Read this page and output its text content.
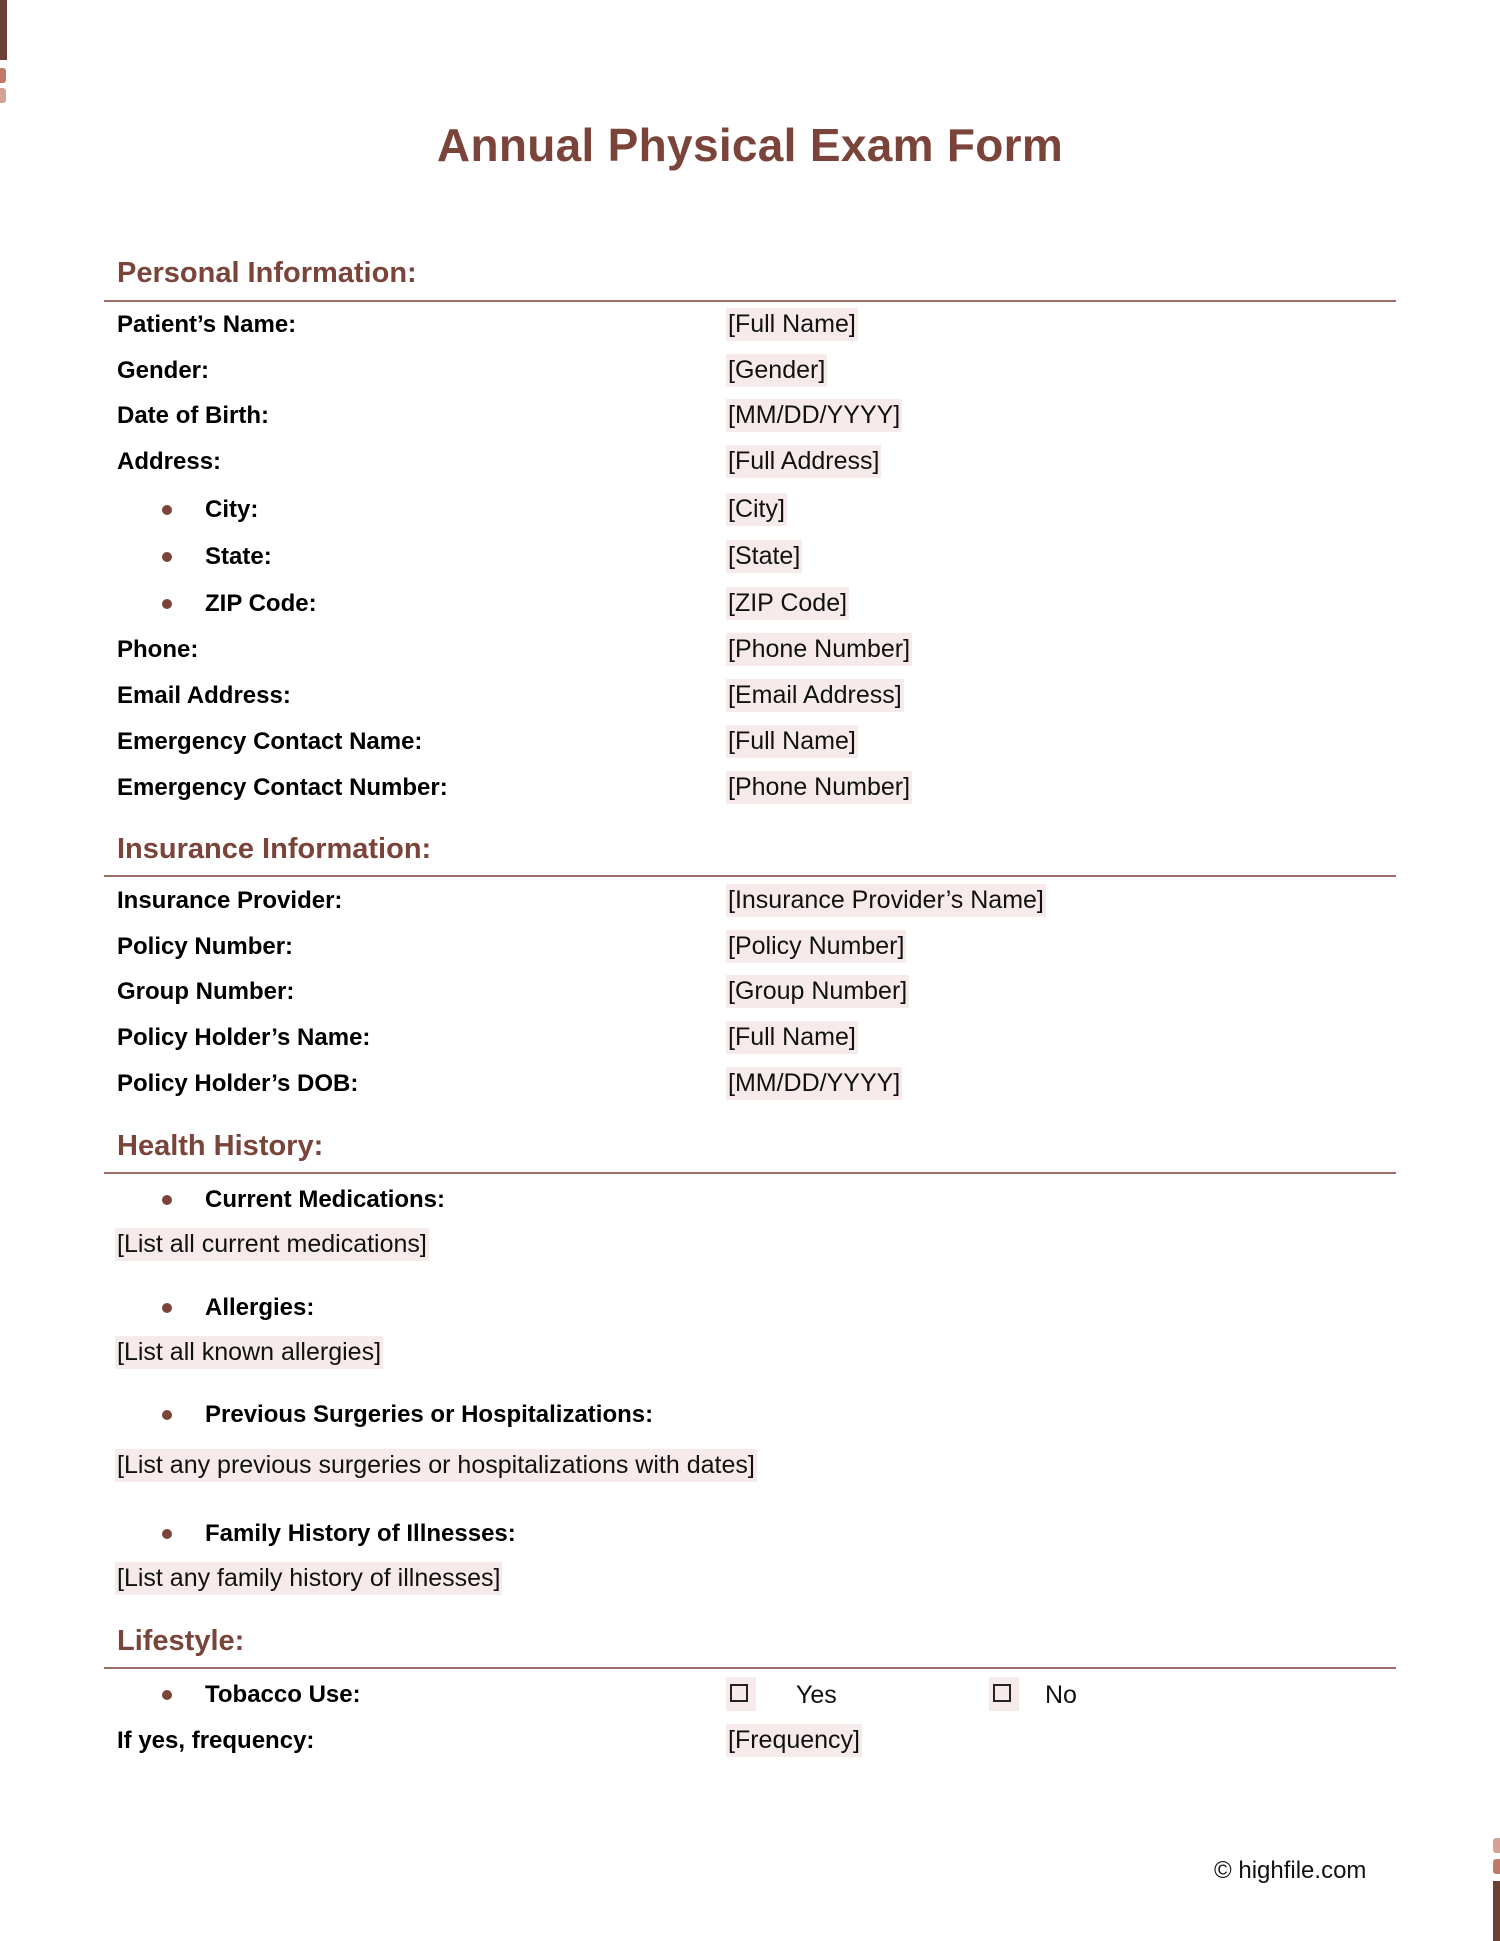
Annual Physical Exam Form
Personal Information:
Patient’s Name:	[Full Name]
Gender:	[Gender]
Date of Birth:	[MM/DD/YYYY]
Address:	[Full Address]
City:	[City]
State:	[State]
ZIP Code:	[ZIP Code]
Phone:	[Phone Number]
Email Address:	[Email Address]
Emergency Contact Name:	[Full Name]
Emergency Contact Number:	[Phone Number]
Insurance Information:
Insurance Provider:	[Insurance Provider’s Name]
Policy Number:	[Policy Number]
Group Number:	[Group Number]
Policy Holder’s Name:	[Full Name]
Policy Holder’s DOB:	[MM/DD/YYYY]
Health History:
Current Medications:
[List all current medications]
Allergies:
[List all known allergies]
Previous Surgeries or Hospitalizations:
[List any previous surgeries or hospitalizations with dates]
Family History of Illnesses:
[List any family history of illnesses]
Lifestyle:
Tobacco Use:	Yes	No
If yes, frequency:	[Frequency]
© highfile.com
